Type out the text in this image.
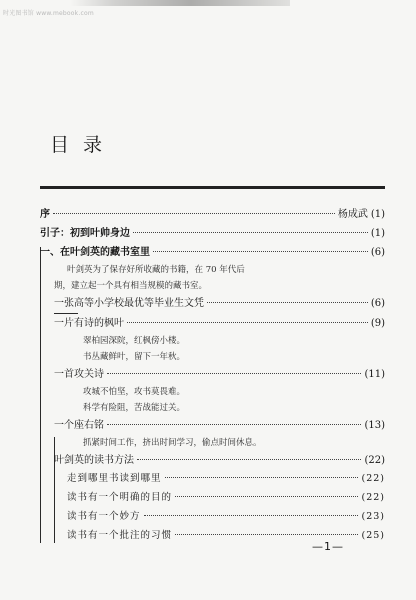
时光图书馆 www.mebook.com
目录
序	杨成武 (1)
引子：初到叶帅身边	(1)
一、在叶剑英的藏书室里	(6)
叶剑英为了保存好所收藏的书籍，在 70 年代后
期，建立起一个具有相当规模的藏书室。
一张高等小学校最优等毕业生文凭	(6)
一片有诗的枫叶	(9)
翠柏园深院，红枫傍小楼。
书丛藏鲜叶，留下一年秋。
一首攻关诗	(11)
攻城不怕坚，攻书莫畏难。
科学有险阻，苦战能过关。
一个座右铭	(13)
抓紧时间工作，挤出时间学习，偷点时间休息。
叶剑英的读书方法	(22)
走到哪里书读到哪里	(22)
读书有一个明确的目的	(22)
读书有一个妙方	(23)
读书有一个批注的习惯	(25)
—1—
